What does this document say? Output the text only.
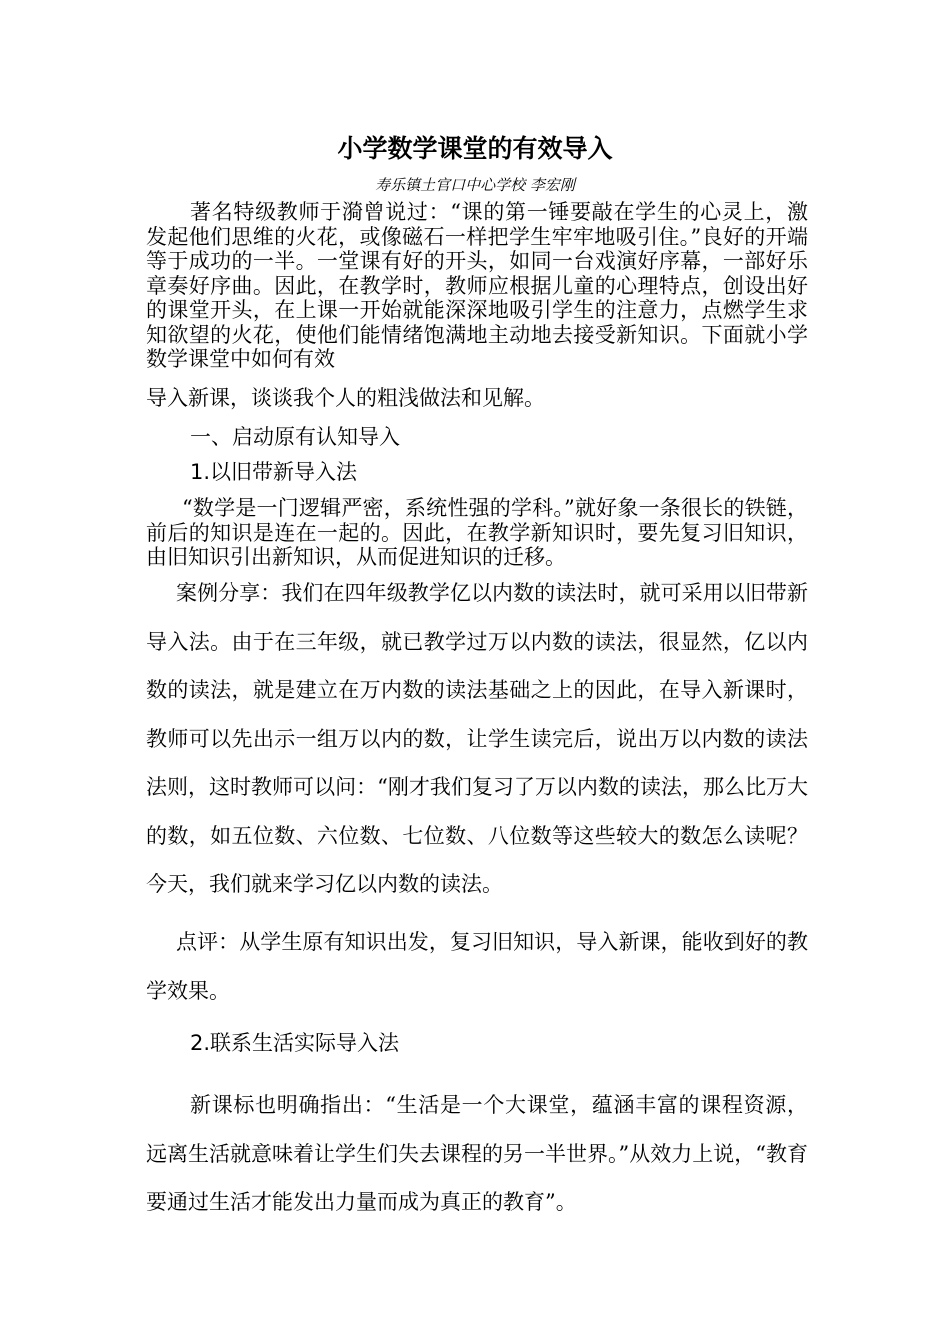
小学数学课堂的有效导入
寿乐镇土官口中心学校 李宏刚

著名特级教师于漪曾说过：“课的第一锤要敲在学生的心灵上，激发起他们思维的火花，或像磁石一样把学生牢牢地吸引住。”良好的开端等于成功的一半。一堂课有好的开头，如同一台戏演好序幕，一部好乐章奏好序曲。因此，在教学时，教师应根据儿童的心理特点，创设出好的课堂开头，在上课一开始就能深深地吸引学生的注意力，点燃学生求知欲望的火花，使他们能情绪饱满地主动地去接受新知识。下面就小学数学课堂中如何有效

导入新课，谈谈我个人的粗浅做法和见解。

一、启动原有认知导入

1.以旧带新导入法

“数学是一门逻辑严密，系统性强的学科。”就好象一条很长的铁链，前后的知识是连在一起的。因此，在教学新知识时，要先复习旧知识，由旧知识引出新知识，从而促进知识的迁移。

案例分享：我们在四年级教学亿以内数的读法时，就可采用以旧带新导入法。由于在三年级，就已教学过万以内数的读法，很显然，亿以内数的读法，就是建立在万内数的读法基础之上的因此，在导入新课时，教师可以先出示一组万以内的数，让学生读完后，说出万以内数的读法法则，这时教师可以问：“刚才我们复习了万以内数的读法，那么比万大的数，如五位数、六位数、七位数、八位数等这些较大的数怎么读呢？今天，我们就来学习亿以内数的读法。

点评：从学生原有知识出发，复习旧知识，导入新课，能收到好的教学效果。

2.联系生活实际导入法

新课标也明确指出：“生活是一个大课堂，蕴涵丰富的课程资源，远离生活就意味着让学生们失去课程的另一半世界。”从效力上说，“教育要通过生活才能发出力量而成为真正的教育”。
